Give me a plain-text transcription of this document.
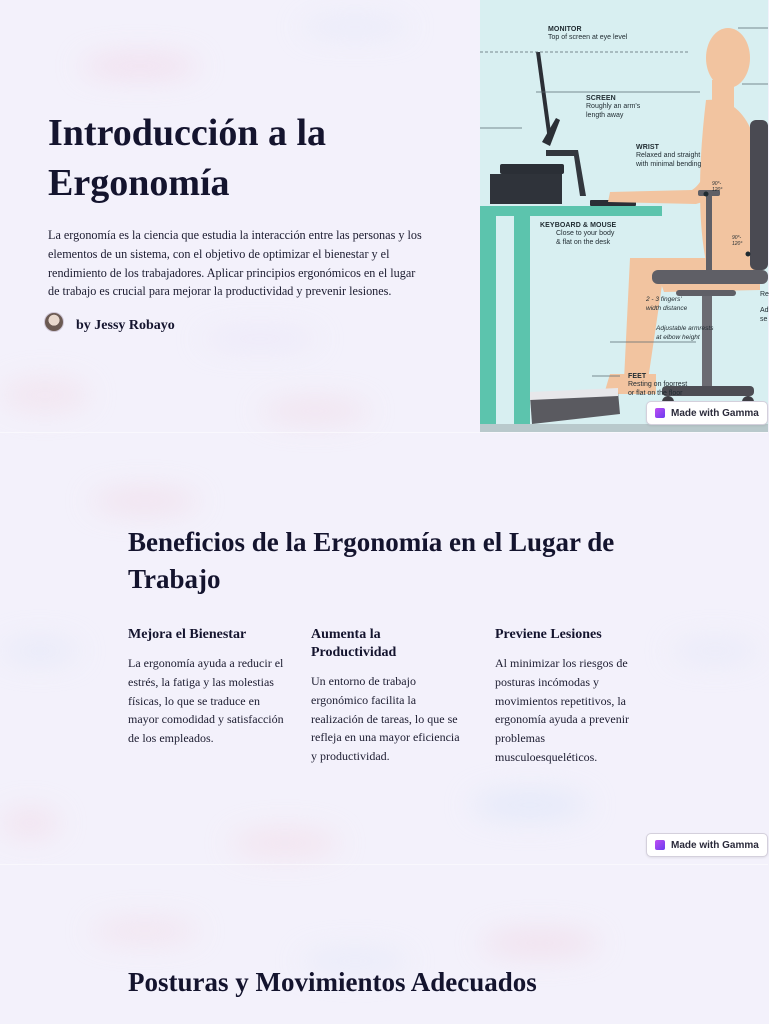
Introducción a la Ergonomía

La ergonomía es la ciencia que estudia la interacción entre las personas y los elementos de un sistema, con el objetivo de optimizar el bienestar y el rendimiento de los trabajadores. Aplicar principios ergonómicos en el lugar de trabajo es crucial para mejorar la productividad y prevenir lesiones.

by Jessy Robayo
MONITOR
Top of screen at eye level
SCREEN
Roughly an arm's
length away
WRIST
Relaxed and straight
with minimal bending
KEYBOARD & MOUSE
Close to your body
& flat on the desk
2 - 3 fingers'
width distance
Adjustable armrests
at elbow height
FEET
Resting on foorrest
or flat on the floor
90°-
120°
90°-
120°
Re
Ad
se
Made with Gamma
Beneficios de la Ergonomía en el Lugar de Trabajo
Mejora el Bienestar

La ergonomía ayuda a reducir el estrés, la fatiga y las molestias físicas, lo que se traduce en mayor comodidad y satisfacción de los empleados.

Aumenta la Productividad

Un entorno de trabajo ergonómico facilita la realización de tareas, lo que se refleja en una mayor eficiencia y productividad.

Previene Lesiones

Al minimizar los riesgos de posturas incómodas y movimientos repetitivos, la ergonomía ayuda a prevenir problemas musculoesqueléticos.

Made with Gamma
Posturas y Movimientos Adecuados
